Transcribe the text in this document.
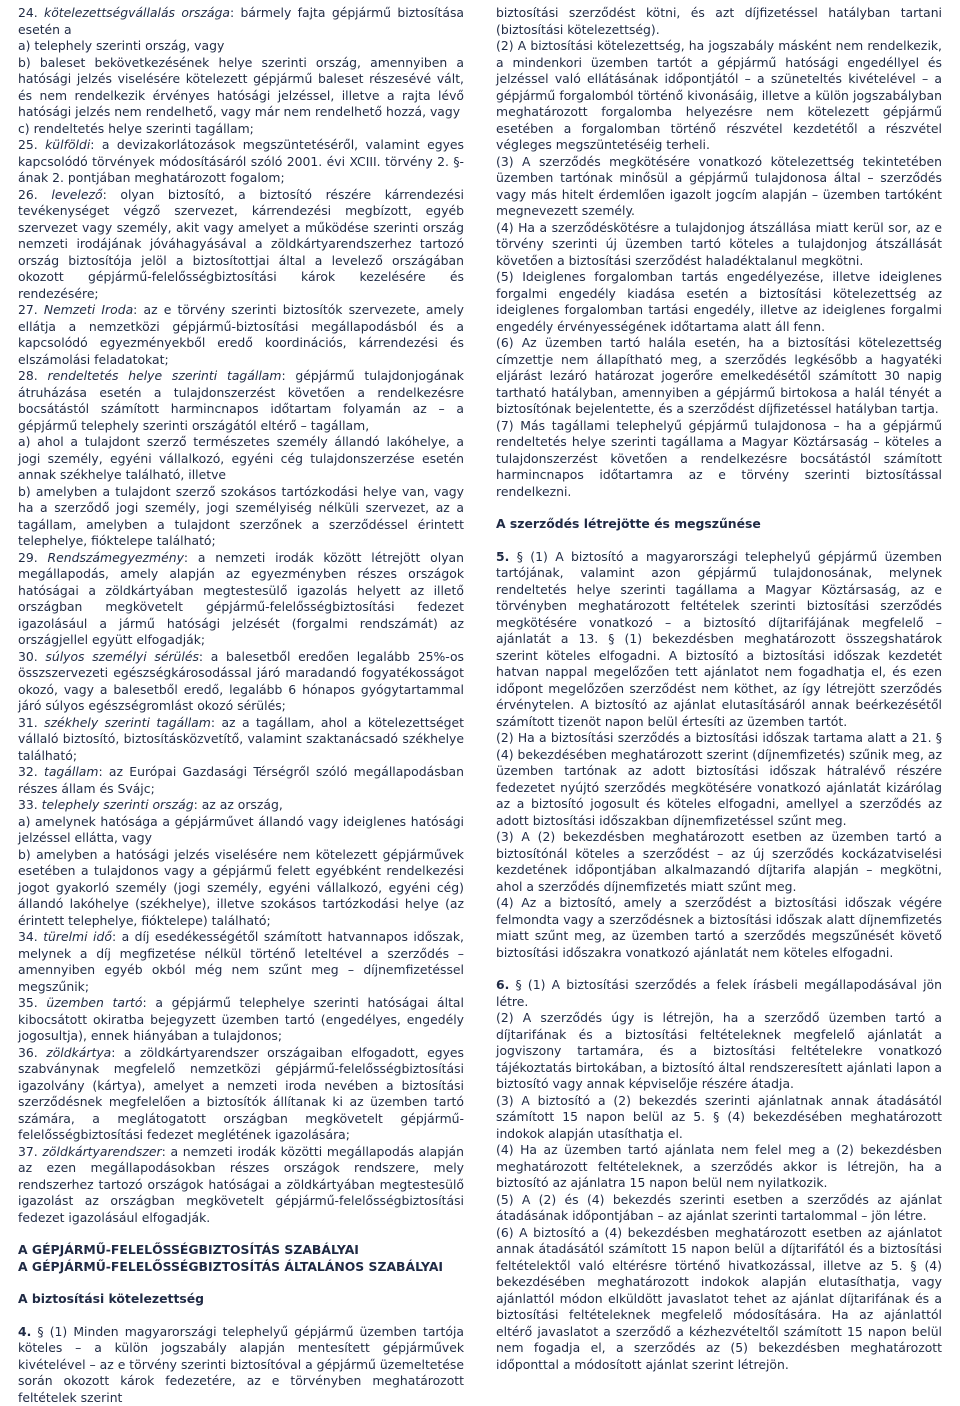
24. kötelezettségvállalás országa: bármely fajta gépjármű biztosítása esetén a

a) telephely szerinti ország, vagy

b) baleset bekövetkezésének helye szerinti ország, amennyiben a hatósági jelzés viselésére kötelezett gépjármű baleset részesévé vált, és nem rendelkezik érvényes hatósági jelzéssel, illetve a rajta lévő hatósági jelzés nem rendelhető, vagy már nem rendelhető hozzá, vagy

c) rendeltetés helye szerinti tagállam;

25. külföldi: a devizakorlátozások megszüntetéséről, valamint egyes kapcsolódó törvények módosításáról szóló 2001. évi XCIII. törvény 2. §-ának 2. pontjában meghatározott fogalom;

26. levelező: olyan biztosító, a biztosító részére kárrendezési tevékenységet végző szervezet, kárrendezési megbízott, egyéb szervezet vagy személy, akit vagy amelyet a működése szerinti ország nemzeti irodájának jóváhagyásával a zöldkártyarendszerhez tartozó ország biztosítója jelöl a biztosítottjai által a levelező országában okozott gépjármű-felelősségbiztosítási károk kezelésére és rendezésére;

27. Nemzeti Iroda: az e törvény szerinti biztosítók szervezete, amely ellátja a nemzetközi gépjármű-biztosítási megállapodásból és a kapcsolódó egyezményekből eredő koordinációs, kárrendezési és elszámolási feladatokat;

28. rendeltetés helye szerinti tagállam: gépjármű tulajdonjogának átruházása esetén a tulajdonszerzést követően a rendelkezésre bocsátástól számított harmincnapos időtartam folyamán az – a gépjármű telephely szerinti országától eltérő – tagállam,

a) ahol a tulajdont szerző természetes személy állandó lakóhelye, a jogi személy, egyéni vállalkozó, egyéni cég tulajdonszerzése esetén annak székhelye található, illetve

b) amelyben a tulajdont szerző szokásos tartózkodási helye van, vagy ha a szerződő jogi személy, jogi személyiség nélküli szervezet, az a tagállam, amelyben a tulajdont szerzőnek a szerződéssel érintett telephelye, fióktelepe található;

29. Rendszámegyezmény: a nemzeti irodák között létrejött olyan megállapodás, amely alapján az egyezményben részes országok hatóságai a zöldkártyában megtestesülő igazolás helyett az illető országban megkövetelt gépjármű-felelősségbiztosítási fedezet igazolásául a jármű hatósági jelzését (forgalmi rendszámát) az országjellel együtt elfogadják;

30. súlyos személyi sérülés: a balesetből eredően legalább 25%-os összszervezeti egészségkárosodással járó maradandó fogyatékosságot okozó, vagy a balesetből eredő, legalább 6 hónapos gyógytartammal járó súlyos egészségromlást okozó sérülés;

31. székhely szerinti tagállam: az a tagállam, ahol a kötelezettséget vállaló biztosító, biztosításközvetítő, valamint szaktanácsadó székhelye található;

32. tagállam: az Európai Gazdasági Térségről szóló megállapodásban részes állam és Svájc;

33. telephely szerinti ország: az az ország,

a) amelynek hatósága a gépjárművet állandó vagy ideiglenes hatósági jelzéssel ellátta, vagy

b) amelyben a hatósági jelzés viselésére nem kötelezett gépjárművek esetében a tulajdonos vagy a gépjármű felett egyébként rendelkezési jogot gyakorló személy (jogi személy, egyéni vállalkozó, egyéni cég) állandó lakóhelye (székhelye), illetve szokásos tartózkodási helye (az érintett telephelye, fióktelepe) található;

34. türelmi idő: a díj esedékességétől számított hatvannapos időszak, melynek a díj megfizetése nélkül történő leteltével a szerződés – amennyiben egyéb okból még nem szűnt meg – díjnemfizetéssel megszűnik;

35. üzemben tartó: a gépjármű telephelye szerinti hatóságai által kibocsátott okiratba bejegyzett üzemben tartó (engedélyes, engedély jogosultja), ennek hiányában a tulajdonos;

36. zöldkártya: a zöldkártyarendszer országaiban elfogadott, egyes szabványnak megfelelő nemzetközi gépjármű-felelősségbiztosítási igazolvány (kártya), amelyet a nemzeti iroda nevében a biztosítási szerződésnek megfelelően a biztosítók állítanak ki az üzemben tartó számára, a meglátogatott országban megkövetelt gépjármű-felelősségbiztosítási fedezet meglétének igazolására;

37. zöldkártyarendszer: a nemzeti irodák közötti megállapodás alapján az ezen megállapodásokban részes országok rendszere, mely rendszerhez tartozó országok hatóságai a zöldkártyában megtestesülő igazolást az országban megkövetelt gépjármű-felelősségbiztosítási fedezet igazolásául elfogadják.

A GÉPJÁRMŰ-FELELŐSSÉGBIZTOSÍTÁS SZABÁLYAI
A GÉPJÁRMŰ-FELELŐSSÉGBIZTOSÍTÁS ÁLTALÁNOS SZABÁLYAI
A biztosítási kötelezettség

4. § (1) Minden magyarországi telephelyű gépjármű üzemben tartója köteles – a külön jogszabály alapján mentesített gépjárművek kivételével – az e törvény szerinti biztosítóval a gépjármű üzemeltetése során okozott károk fedezetére, az e törvényben meghatározott feltételek szerint

biztosítási szerződést kötni, és azt díjfizetéssel hatályban tartani (biztosítási kötelezettség).

(2) A biztosítási kötelezettség, ha jogszabály másként nem rendelkezik, a mindenkori üzemben tartót a gépjármű hatósági engedéllyel és jelzéssel való ellátásának időpontjától – a szüneteltés kivételével – a gépjármű forgalomból történő kivonásáig, illetve a külön jogszabályban meghatározott forgalomba helyezésre nem kötelezett gépjármű esetében a forgalomban történő részvétel kezdetétől a részvétel végleges megszüntetéséig terheli.

(3) A szerződés megkötésére vonatkozó kötelezettség tekintetében üzemben tartónak minősül a gépjármű tulajdonosa által – szerződés vagy más hitelt érdemlően igazolt jogcím alapján – üzemben tartóként megnevezett személy.

(4) Ha a szerződéskötésre a tulajdonjog átszállása miatt kerül sor, az e törvény szerinti új üzemben tartó köteles a tulajdonjog átszállását követően a biztosítási szerződést haladéktalanul megkötni.

(5) Ideiglenes forgalomban tartás engedélyezése, illetve ideiglenes forgalmi engedély kiadása esetén a biztosítási kötelezettség az ideiglenes forgalomban tartási engedély, illetve az ideiglenes forgalmi engedély érvényességének időtartama alatt áll fenn.

(6) Az üzemben tartó halála esetén, ha a biztosítási kötelezettség címzettje nem állapítható meg, a szerződés legkésőbb a hagyatéki eljárást lezáró határozat jogerőre emelkedésétől számított 30 napig tartható hatályban, amennyiben a gépjármű birtokosa a halál tényét a biztosítónak bejelentette, és a szerződést díjfizetéssel hatályban tartja.

(7) Más tagállami telephelyű gépjármű tulajdonosa – ha a gépjármű rendeltetés helye szerinti tagállama a Magyar Köztársaság – köteles a tulajdonszerzést követően a rendelkezésre bocsátástól számított harmincnapos időtartamra az e törvény szerinti biztosítással rendelkezni.

A szerződés létrejötte és megszűnése

5. § (1) A biztosító a magyarországi telephelyű gépjármű üzemben tartójának, valamint azon gépjármű tulajdonosának, melynek rendeltetés helye szerinti tagállama a Magyar Köztársaság, az e törvényben meghatározott feltételek szerinti biztosítási szerződés megkötésére vonatkozó – a biztosító díjtarifájának megfelelő – ajánlatát a 13. § (1) bekezdésben meghatározott összegshatárok szerint köteles elfogadni. A biztosító a biztosítási időszak kezdetét hatvan nappal megelőzően tett ajánlatot nem fogadhatja el, és ezen időpont megelőzően szerződést nem köthet, az így létrejött szerződés érvénytelen. A biztosító az ajánlat elutasításáról annak beérkezésétől számított tizenöt napon belül értesíti az üzemben tartót.

(2) Ha a biztosítási szerződés a biztosítási időszak tartama alatt a 21. § (4) bekezdésében meghatározott szerint (díjnemfizetés) szűnik meg, az üzemben tartónak az adott biztosítási időszak hátralévő részére fedezetet nyújtó szerződés megkötésére vonatkozó ajánlatát kizárólag az a biztosító jogosult és köteles elfogadni, amellyel a szerződés az adott biztosítási időszakban díjnemfizetéssel szűnt meg.

(3) A (2) bekezdésben meghatározott esetben az üzemben tartó a biztosítónál köteles a szerződést – az új szerződés kockázatviselési kezdetének időpontjában alkalmazandó díjtarifa alapján – megkötni, ahol a szerződés díjnemfizetés miatt szűnt meg.

(4) Az a biztosító, amely a szerződést a biztosítási időszak végére felmondta vagy a szerződésnek a biztosítási időszak alatt díjnemfizetés miatt szűnt meg, az üzemben tartó a szerződés megszűnését követő biztosítási időszakra vonatkozó ajánlatát nem köteles elfogadni.

6. § (1) A biztosítási szerződés a felek írásbeli megállapodásával jön létre.

(2) A szerződés úgy is létrejön, ha a szerződő üzemben tartó a díjtarifának és a biztosítási feltételeknek megfelelő ajánlatát a jogviszony tartamára, és a biztosítási feltételekre vonatkozó tájékoztatás birtokában, a biztosító által rendszeresített ajánlati lapon a biztosító vagy annak képviselője részére átadja.

(3) A biztosító a (2) bekezdés szerinti ajánlatnak annak átadásától számított 15 napon belül az 5. § (4) bekezdésében meghatározott indokok alapján utasíthatja el.

(4) Ha az üzemben tartó ajánlata nem felel meg a (2) bekezdésben meghatározott feltételeknek, a szerződés akkor is létrejön, ha a biztosító az ajánlatra 15 napon belül nem nyilatkozik.

(5) A (2) és (4) bekezdés szerinti esetben a szerződés az ajánlat átadásának időpontjában – az ajánlat szerinti tartalommal – jön létre.

(6) A biztosító a (4) bekezdésben meghatározott esetben az ajánlatot annak átadásától számított 15 napon belül a díjtarifától és a biztosítási feltételektől való eltérésre történő hivatkozással, illetve az 5. § (4) bekezdésében meghatározott indokok alapján elutasíthatja, vagy ajánlattól módon elküldött javaslatot tehet az ajánlat díjtarifának és a biztosítási feltételeknek megfelelő módosítására. Ha az ajánlattól eltérő javaslatot a szerződő a kézhezvételtől számított 15 napon belül nem fogadja el, a szerződés az (5) bekezdésben meghatározott időponttal a módosított ajánlat szerint létrejön.
